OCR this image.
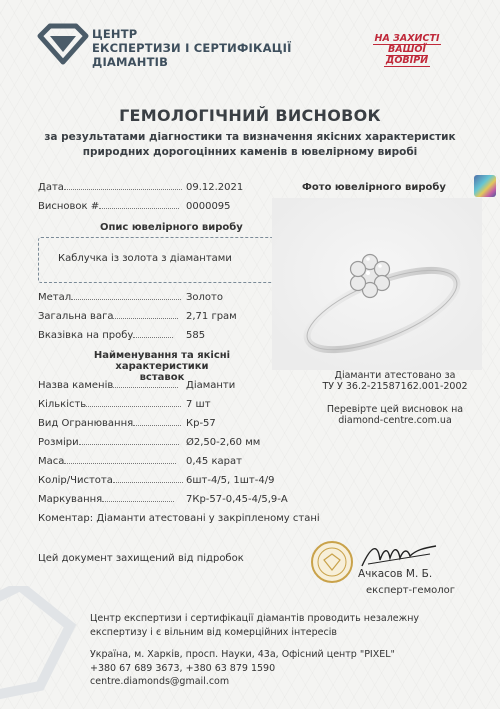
ЦЕНТР
ЕКСПЕРТИЗИ І СЕРТИФІКАЦІЇ
ДІАМАНТІВ
НА ЗАХИСТІ
ВАШОЇ
ДОВІРИ
ГЕМОЛОГІЧНИЙ ВИСНОВОК
за результатами діагностики та визначення якісних характеристик
природних дорогоцінних каменів в ювелірному виробі
Дата	09.12.2021
Висновок #	0000095
Опис ювелірного виробу
Каблучка із золота з діамантами
Метал	Золото
Загальна вага	2,71 грам
Вказівка на пробу	585
Фото ювелірного виробу
Діаманти атестовано за
ТУ У 36.2-21587162.001-2002
Перевірте цей висновок на
diamond-centre.com.ua
Найменування та якісні
характеристики вставок
Назва каменів	Діаманти
Кількість	7 шт
Вид Огранювання	Кр-57
Розміри	Ø2,50-2,60 мм
Маса	0,45 карат
Колір/Чистота	6шт-4/5, 1шт-4/9
Маркування	7Кр-57-0,45-4/5,9-А
Коментар: Діаманти атестовані у закріпленому стані
Цей документ захищений від підробок
Ачкасов М. Б.
експерт-гемолог
Центр експертизи і сертифікації діамантів проводить незалежну
експертизу і є вільним від комерційних інтересів
Україна, м. Харків, просп. Науки, 43а, Офісний центр "PIXEL"
+380 67 689 3673, +380 63 879 1590
centre.diamonds@gmail.com
